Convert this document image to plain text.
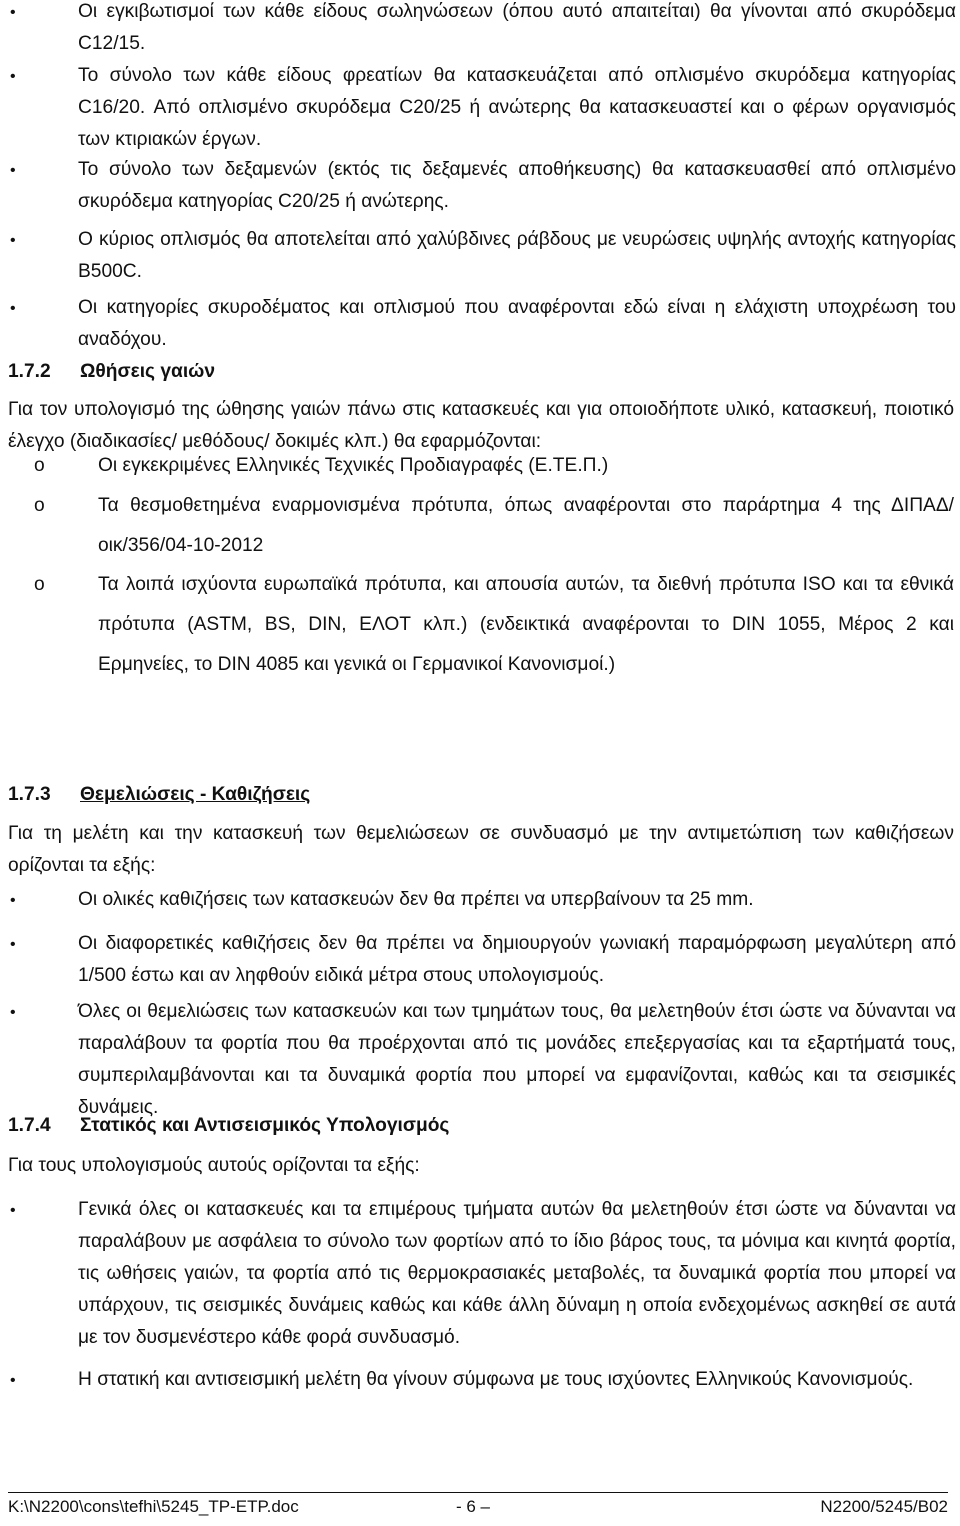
•	Οι εγκιβωτισμοί των κάθε είδους σωληνώσεων (όπου αυτό απαιτείται) θα γίνονται από σκυρόδεμα C12/15.
•	Το σύνολο των κάθε είδους φρεατίων θα κατασκευάζεται από οπλισμένο σκυρόδεμα κατηγορίας C16/20. Από οπλισμένο σκυρόδεμα C20/25 ή ανώτερης θα κατασκευαστεί και ο φέρων οργανισμός των κτιριακών έργων.
•	Το σύνολο των δεξαμενών (εκτός τις δεξαμενές αποθήκευσης) θα κατασκευασθεί από οπλισμένο σκυρόδεμα κατηγορίας C20/25 ή ανώτερης.
•	Ο κύριος οπλισμός θα αποτελείται από χαλύβδινες ράβδους με νευρώσεις υψηλής αντοχής κατηγορίας B500C.
•	Οι κατηγορίες σκυροδέματος και οπλισμού που αναφέρονται εδώ είναι η ελάχιστη υποχρέωση του αναδόχου.
1.7.2 Ωθήσεις γαιών
Για τον υπολογισμό της ώθησης γαιών πάνω στις κατασκευές και για οποιοδήποτε υλικό, κατασκευή, ποιοτικό έλεγχο (διαδικασίες/ μεθόδους/ δοκιμές κλπ.) θα εφαρμόζονται:
o	Οι εγκεκριμένες Ελληνικές Τεχνικές Προδιαγραφές (Ε.ΤΕ.Π.)
o	Τα θεσμοθετημένα εναρμονισμένα πρότυπα, όπως αναφέρονται στο παράρτημα 4 της ΔΙΠΑΔ/οικ/356/04-10-2012
o	Τα λοιπά ισχύοντα ευρωπαϊκά πρότυπα, και απουσία αυτών, τα διεθνή πρότυπα ISO και τα εθνικά πρότυπα (ASTM, BS, DIN, ΕΛΟΤ κλπ.) (ενδεικτικά αναφέρονται το DIN 1055, Μέρος 2 και Ερμηνείες, το DIN 4085 και γενικά οι Γερμανικοί Κανονισμοί.)
1.7.3 Θεμελιώσεις - Καθιζήσεις
Για τη μελέτη και την κατασκευή των θεμελιώσεων σε συνδυασμό με την αντιμετώπιση των καθιζήσεων ορίζονται τα εξής:
•	Οι ολικές καθιζήσεις των κατασκευών δεν θα πρέπει να υπερβαίνουν τα 25 mm.
•	Οι διαφορετικές καθιζήσεις δεν θα πρέπει να δημιουργούν γωνιακή παραμόρφωση μεγαλύτερη από 1/500 έστω και αν ληφθούν ειδικά μέτρα στους υπολογισμούς.
•	Όλες οι θεμελιώσεις των κατασκευών και των τμημάτων τους, θα μελετηθούν έτσι ώστε να δύνανται να παραλάβουν τα φορτία που θα προέρχονται από τις μονάδες επεξεργασίας και τα εξαρτήματά τους, συμπεριλαμβάνονται και τα δυναμικά φορτία που μπορεί να εμφανίζονται, καθώς και τα σεισμικές δυνάμεις.
1.7.4 Στατικός και Αντισεισμικός Υπολογισμός
Για τους υπολογισμούς αυτούς ορίζονται τα εξής:
•	Γενικά όλες οι κατασκευές και τα επιμέρους τμήματα αυτών θα μελετηθούν έτσι ώστε να δύνανται να παραλάβουν με ασφάλεια το σύνολο των φορτίων από το ίδιο βάρος τους, τα μόνιμα και κινητά φορτία, τις ωθήσεις γαιών, τα φορτία από τις θερμοκρασιακές μεταβολές, τα δυναμικά φορτία που μπορεί να υπάρχουν, τις σεισμικές δυνάμεις καθώς και κάθε άλλη δύναμη η οποία ενδεχομένως ασκηθεί σε αυτά με τον δυσμενέστερο κάθε φορά συνδυασμό.
•	Η στατική και αντισεισμική μελέτη θα γίνουν σύμφωνα με τους ισχύοντες Ελληνικούς Κανονισμούς.
K:\N2200\cons\tefhi\5245_TP-ETP.doc	- 6 –	N2200/5245/B02
